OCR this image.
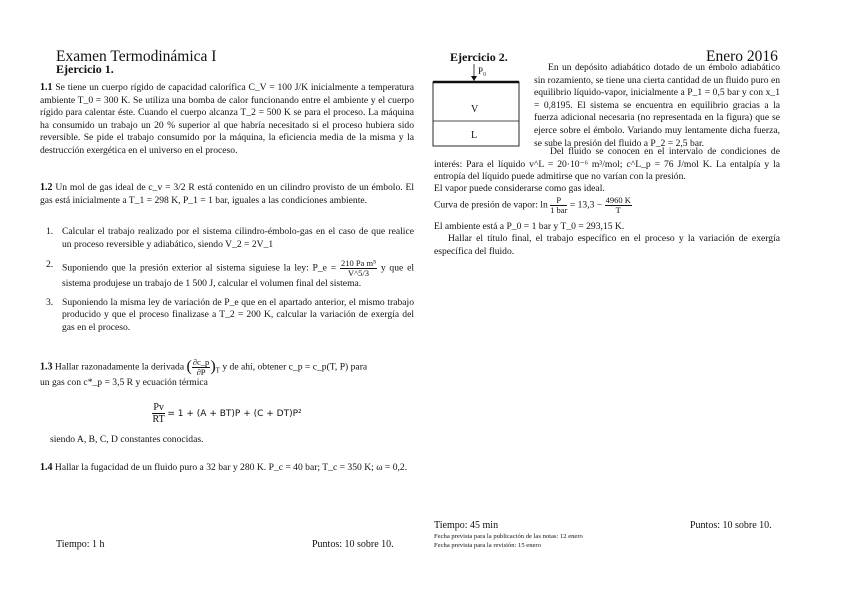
Examen Termodinámica I
Ejercicio 1.
1.1 Se tiene un cuerpo rígido de capacidad calorífica C_V = 100 J/K inicialmente a temperatura ambiente T_0 = 300 K. Se utiliza una bomba de calor funcionando entre el ambiente y el cuerpo rígido para calentar éste. Cuando el cuerpo alcanza T_2 = 500 K se para el proceso. La máquina ha consumido un trabajo un 20 % superior al que habría necesitado si el proceso hubiera sido reversible. Se pide el trabajo consumido por la máquina, la eficiencia media de la misma y la destrucción exergética en el universo en el proceso.
1.2 Un mol de gas ideal de c_v = 3/2 R está contenido en un cilindro provisto de un émbolo. El gas está inicialmente a T_1 = 298 K, P_1 = 1 bar, iguales a las condiciones ambiente.
1. Calcular el trabajo realizado por el sistema cilindro-émbolo-gas en el caso de que realice un proceso reversible y adiabático, siendo V_2 = 2V_1
2. Suponiendo que la presión exterior al sistema siguiese la ley: P_e = $\frac{\text{210 Pa m⁵}}{V\^{}5/3}$ y que el sistema produjese un trabajo de 1 500 J, calcular el volumen final del sistema.
3. Suponiendo la misma ley de variación de P_e que en el apartado anterior, el mismo trabajo producido y que el proceso finalizase a T_2 = 200 K, calcular la variación de exergía del gas en el proceso.
1.3 Hallar razonadamente la derivada ( $\frac{\partial c\_p}{\partial P} )_T$ y de ahí, obtener c_p = c_p(T, P) para
un gas con c*_p = 3,5 R y ecuación térmica
$\frac{Pv}{RT} = 1 + (A + BT)P + (C + DT)P^2$
siendo A, B, C, D constantes conocidas.
1.4 Hallar la fugacidad de un fluido puro a 32 bar y 280 K. P_c = 40 bar; T_c = 350 K; ω = 0,2.
Tiempo: 1 h	Puntos: 10 sobre 10.
Ejercicio 2.	Enero 2016
P₀
V
L
En un depósito adiabático dotado de un émbolo adiabático sin rozamiento, se tiene una cierta cantidad de un fluido puro en equilibrio líquido-vapor, inicialmente a P_1 = 0,5 bar y con x_1 = 0,8195. El sistema se encuentra en equilibrio gracias a la fuerza adicional necesaria (no representada en la figura) que se ejerce sobre el émbolo. Variando muy lentamente dicha fuerza, se sube la presión del fluido a P_2 = 2,5 bar.
Del fluido se conocen en el intervalo de condiciones de interés: Para el líquido v^L = 20·10⁻⁶ m³/mol; c^L_p = 76 J/mol K. La entalpía y la entropía del líquido puede admitirse que no varían con la presión.
El vapor puede considerarse como gas ideal.
Curva de presión de vapor: $\ln \frac{P}{\text{1 bar}} = 13,3 - \frac{4960 K}{T}$
El ambiente está a P_0 = 1 bar y T_0 = 293,15 K.
Hallar el título final, el trabajo específico en el proceso y la variación de exergía específica del fluido.
Tiempo: 45 min	Puntos: 10 sobre 10.
Fecha prevista para la publicación de las notas: 12 enero
Fecha prevista para la revisión: 15 enero
